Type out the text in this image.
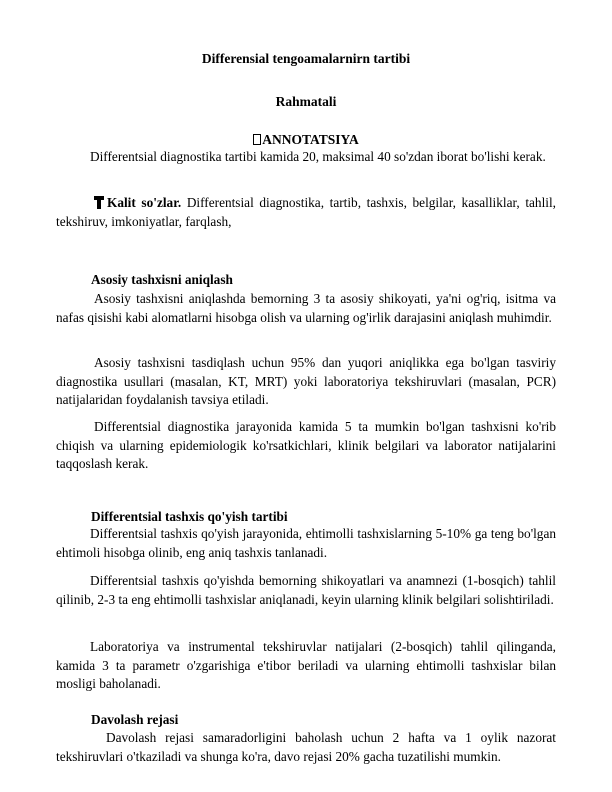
Differensial tengoamalarnirn tartibi
Rahmatali
ANNOTATSIYA

Differentsial diagnostika tartibi kamida 20, maksimal 40 so'zdan iborat bo'lishi kerak.

Kalit so'zlar. Differentsial diagnostika, tartib, tashxis, belgilar, kasalliklar, tahlil, tekshiruv, imkoniyatlar, farqlash,

Asosiy tashxisni aniqlash

Asosiy tashxisni aniqlashda bemorning 3 ta asosiy shikoyati, ya'ni og'riq, isitma va nafas qisishi kabi alomatlarni hisobga olish va ularning og'irlik darajasini aniqlash muhimdir.

Asosiy tashxisni tasdiqlash uchun 95% dan yuqori aniqlikka ega bo'lgan tasviriy diagnostika usullari (masalan, KT, MRT) yoki laboratoriya tekshiruvlari (masalan, PCR) natijalaridan foydalanish tavsiya etiladi.

Differentsial diagnostika jarayonida kamida 5 ta mumkin bo'lgan tashxisni ko'rib chiqish va ularning epidemiologik ko'rsatkichlari, klinik belgilari va laborator natijalarini taqqoslash kerak.

Differentsial tashxis qo'yish tartibi

Differentsial tashxis qo'yish jarayonida, ehtimolli tashxislarning 5-10% ga teng bo'lgan ehtimoli hisobga olinib, eng aniq tashxis tanlanadi.

Differentsial tashxis qo'yishda bemorning shikoyatlari va anamnezi (1-bosqich) tahlil qilinib, 2-3 ta eng ehtimolli tashxislar aniqlanadi, keyin ularning klinik belgilari solishtiriladi.

Laboratoriya va instrumental tekshiruvlar natijalari (2-bosqich) tahlil qilinganda, kamida 3 ta parametr o'zgarishiga e'tibor beriladi va ularning ehtimolli tashxislar bilan mosligi baholanadi.

Davolash rejasi

Davolash rejasi samaradorligini baholash uchun 2 hafta va 1 oylik nazorat tekshiruvlari o'tkaziladi va shunga ko'ra, davo rejasi 20% gacha tuzatilishi mumkin.
